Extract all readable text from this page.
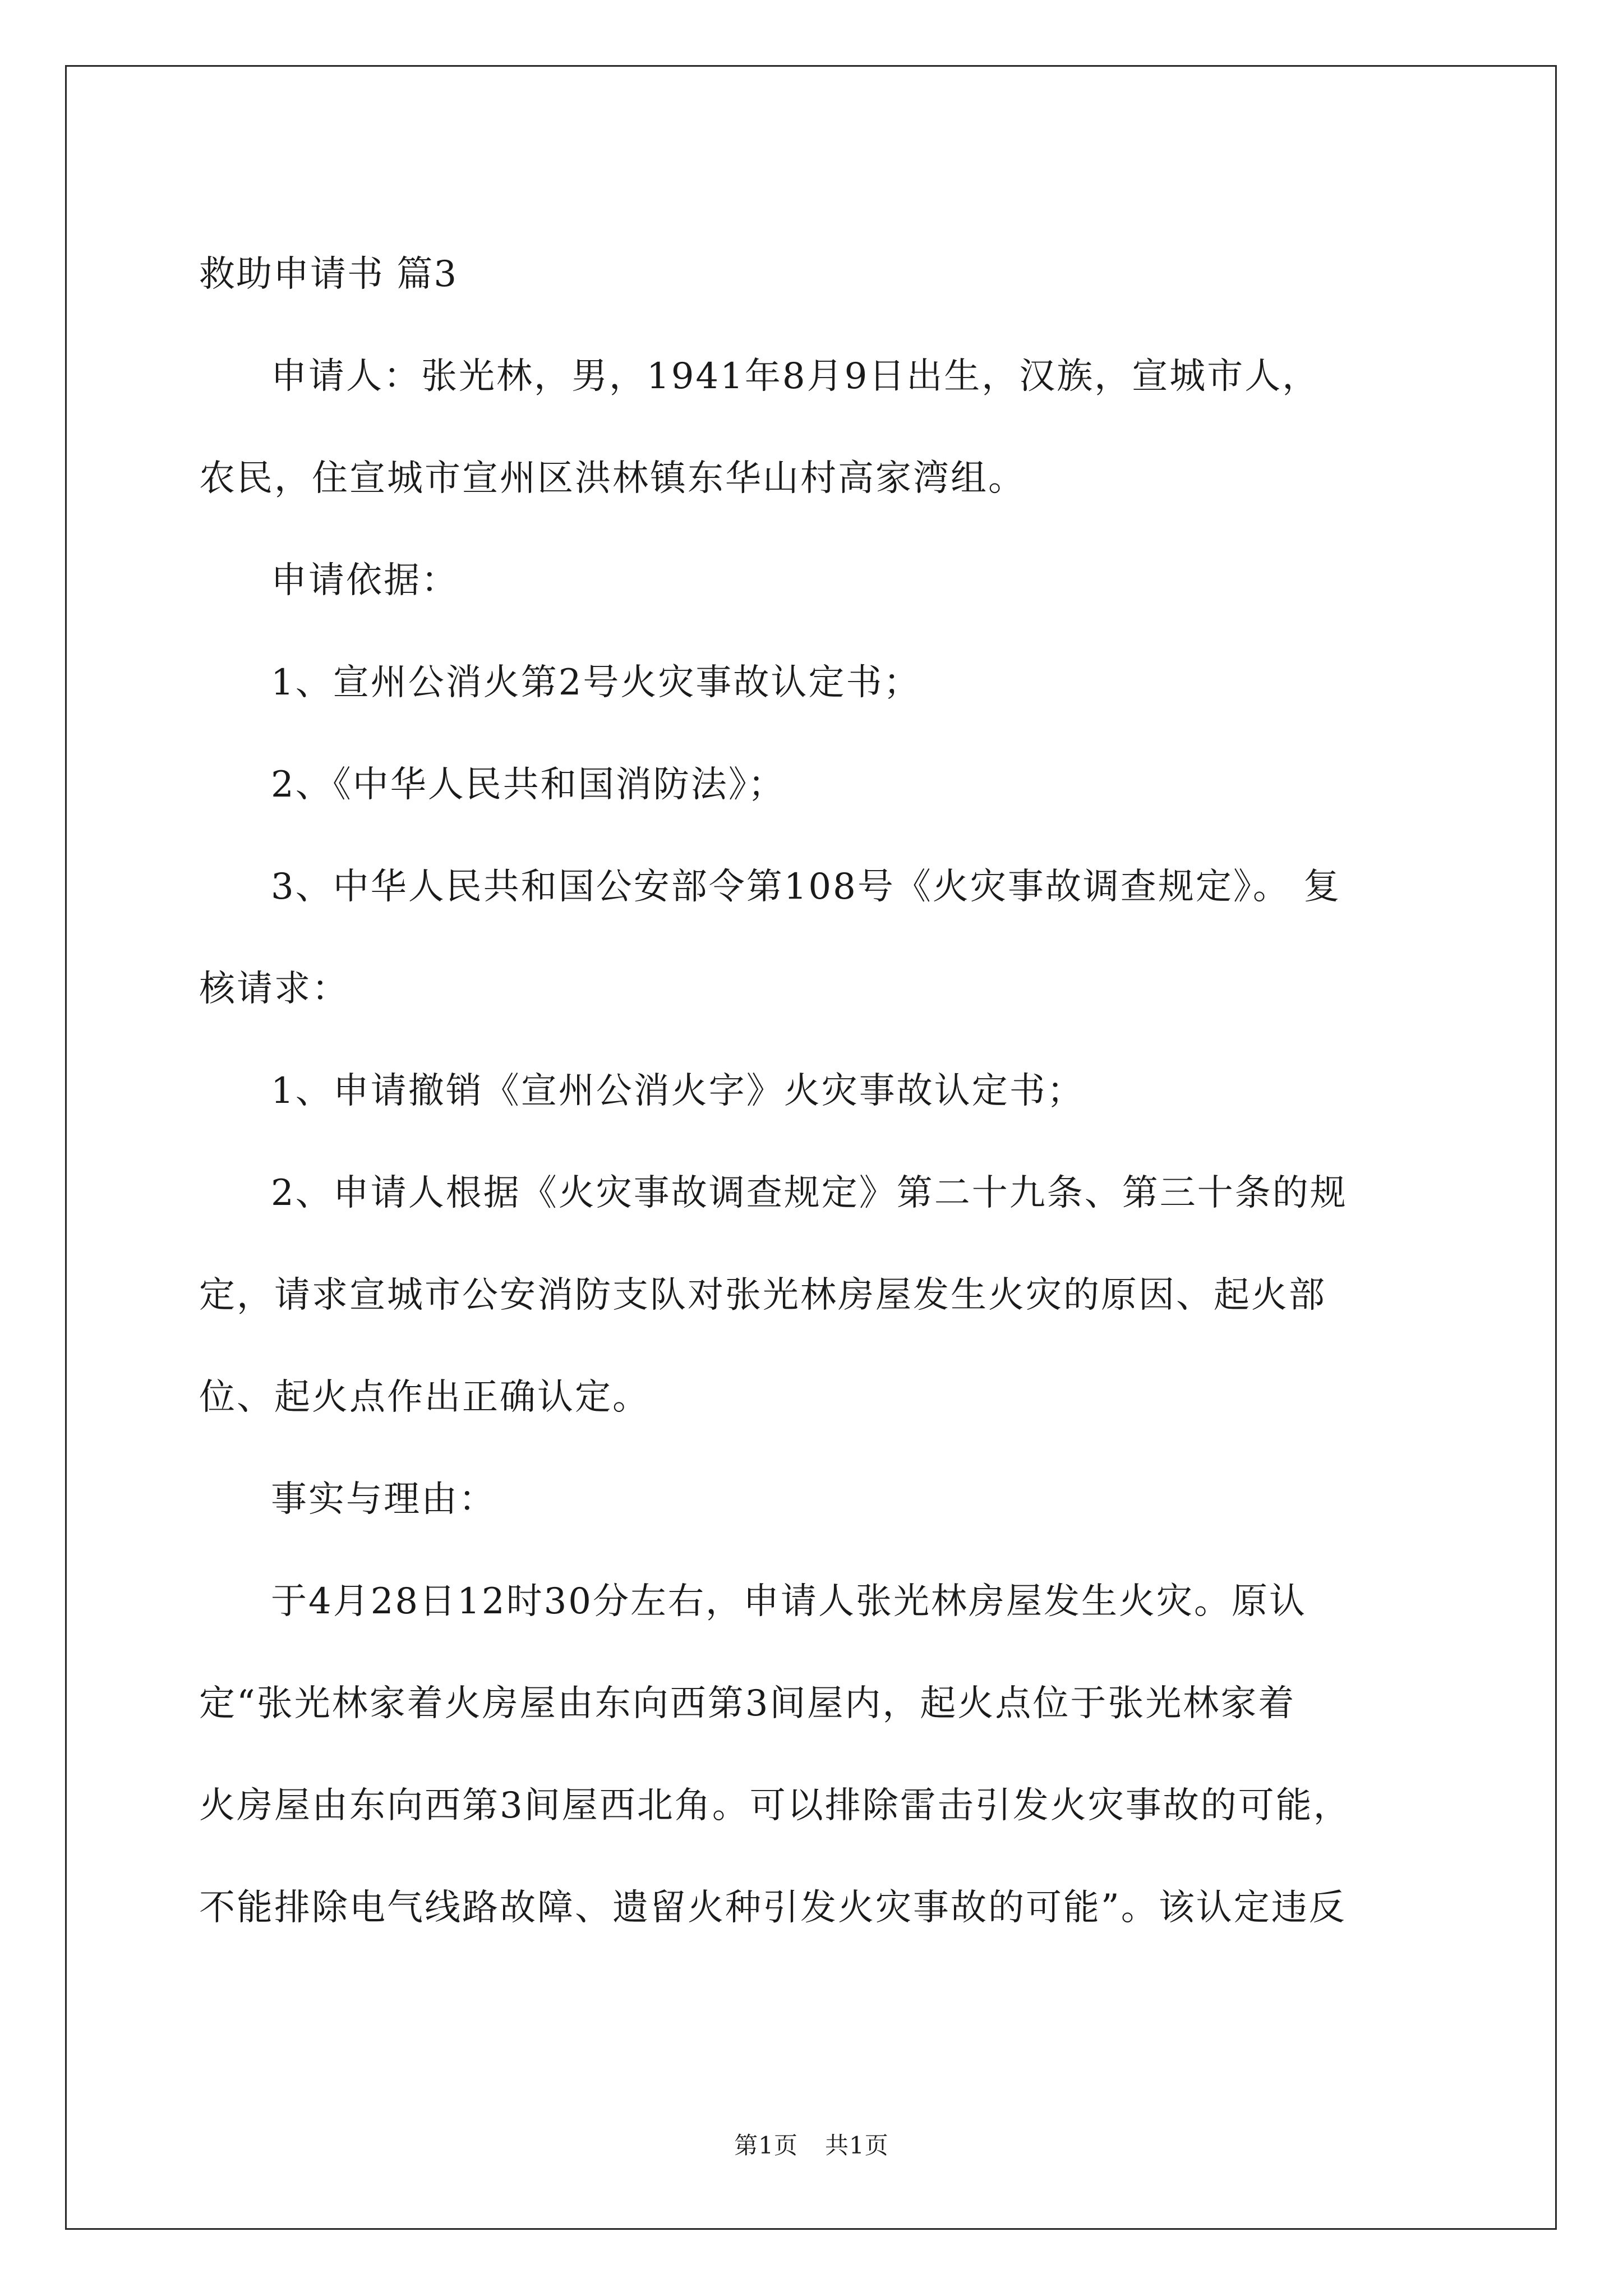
救助申请书 篇3
申请人：张光林，男，1941年8月9日出生，汉族，宣城市人，
农民，住宣城市宣州区洪林镇东华山村高家湾组。
申请依据：
1、宣州公消火第2号火灾事故认定书；
2、《中华人民共和国消防法》；
3、中华人民共和国公安部令第108号《火灾事故调查规定》。 复
核请求：
1、申请撤销《宣州公消火字》火灾事故认定书；
2、申请人根据《火灾事故调查规定》第二十九条、第三十条的规
定，请求宣城市公安消防支队对张光林房屋发生火灾的原因、起火部
位、起火点作出正确认定。
事实与理由：
于4月28日12时30分左右，申请人张光林房屋发生火灾。原认
定“张光林家着火房屋由东向西第3间屋内，起火点位于张光林家着
火房屋由东向西第3间屋西北角。可以排除雷击引发火灾事故的可能，
不能排除电气线路故障、遗留火种引发火灾事故的可能”。该认定违反
第1页 共1页
